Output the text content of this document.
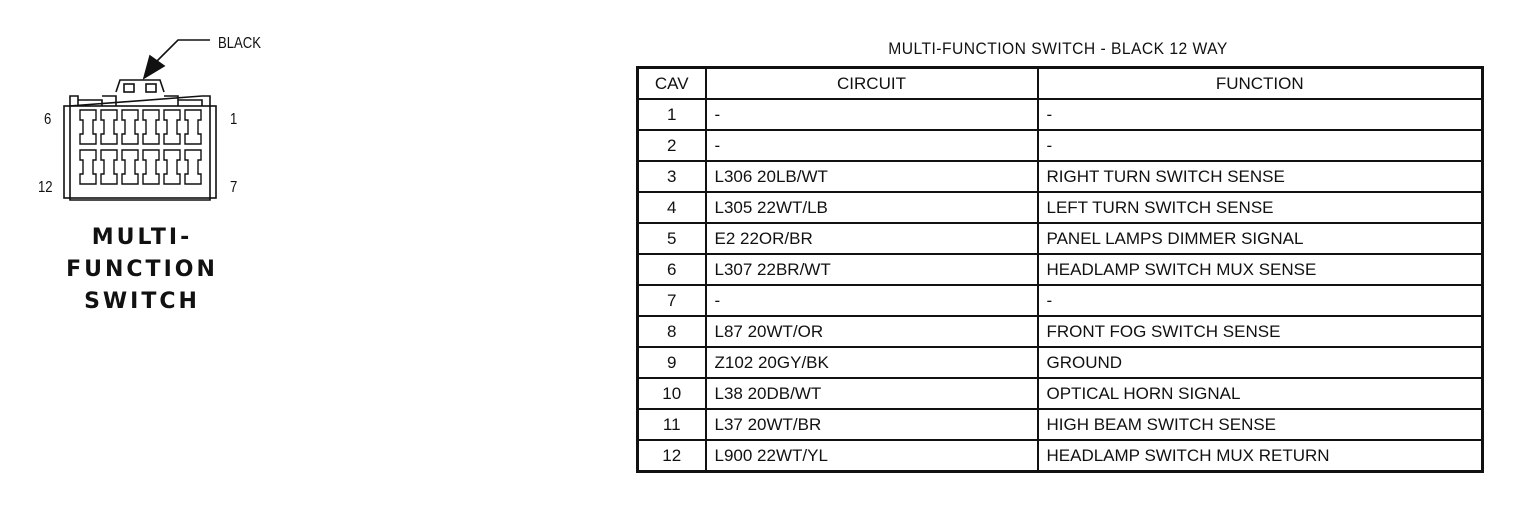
6	1
12	7
BLACK
MULTI-FUNCTION
SWITCH
MULTI-FUNCTION SWITCH - BLACK 12 WAY
CAV	CIRCUIT	FUNCTION
1	-	-
2	-	-
3	L306 20LB/WT	RIGHT TURN SWITCH SENSE
4	L305 22WT/LB	LEFT TURN SWITCH SENSE
5	E2 22OR/BR	PANEL LAMPS DIMMER SIGNAL
6	L307 22BR/WT	HEADLAMP SWITCH MUX SENSE
7	-	-
8	L87 20WT/OR	FRONT FOG SWITCH SENSE
9	Z102 20GY/BK	GROUND
10	L38 20DB/WT	OPTICAL HORN SIGNAL
11	L37 20WT/BR	HIGH BEAM SWITCH SENSE
12	L900 22WT/YL	HEADLAMP SWITCH MUX RETURN
